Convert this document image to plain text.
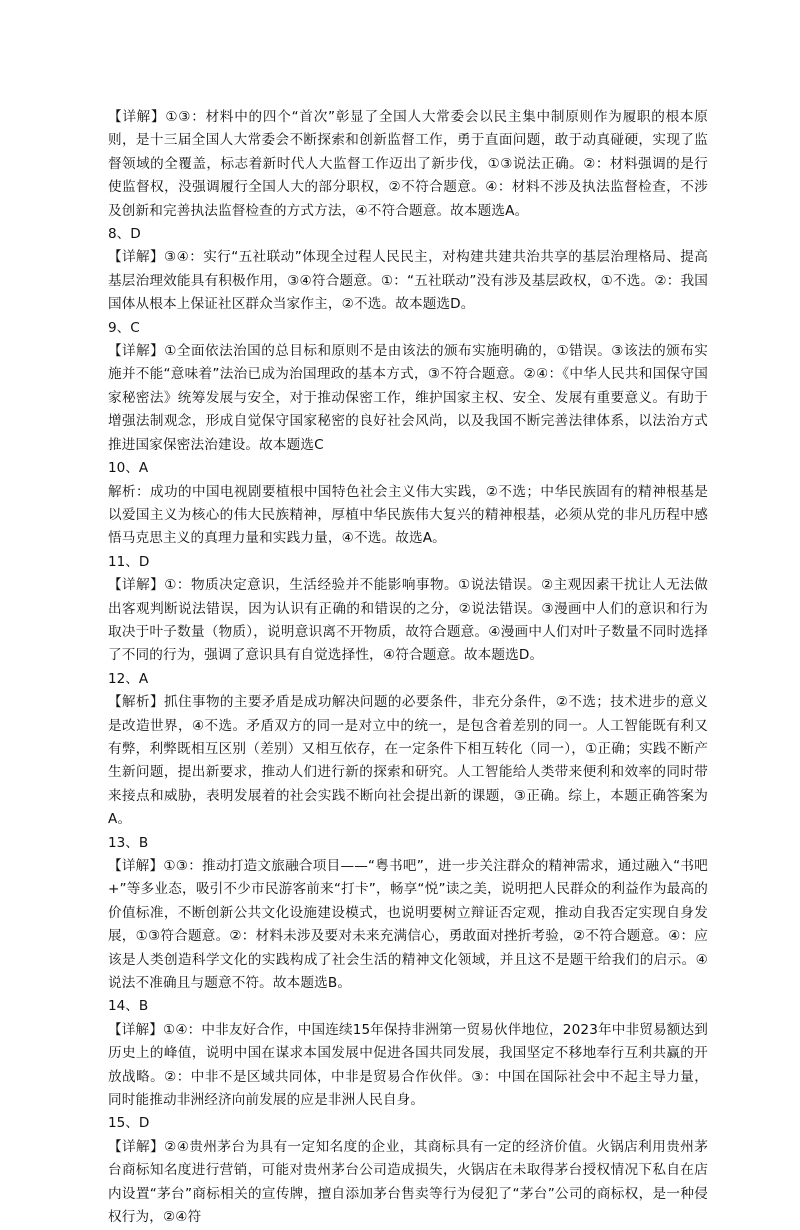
【详解】①③：材料中的四个“首次”彰显了全国人大常委会以民主集中制原则作为履职的根本原则，是十三届全国人大常委会不断探索和创新监督工作，勇于直面问题，敢于动真碰硬，实现了监督领域的全覆盖，标志着新时代人大监督工作迈出了新步伐，①③说法正确。②：材料强调的是行使监督权，没强调履行全国人大的部分职权，②不符合题意。④：材料不涉及执法监督检查，不涉及创新和完善执法监督检查的方式方法，④不符合题意。故本题选A。

8、D

【详解】③④：实行“五社联动”体现全过程人民民主，对构建共建共治共享的基层治理格局、提高基层治理效能具有积极作用，③④符合题意。①：“五社联动”没有涉及基层政权，①不选。②：我国国体从根本上保证社区群众当家作主，②不选。故本题选D。

9、C

【详解】①全面依法治国的总目标和原则不是由该法的颁布实施明确的，①错误。③该法的颁布实施并不能“意味着”法治已成为治国理政的基本方式，③不符合题意。②④：《中华人民共和国保守国家秘密法》统筹发展与安全，对于推动保密工作，维护国家主权、安全、发展有重要意义。有助于增强法制观念，形成自觉保守国家秘密的良好社会风尚，以及我国不断完善法律体系，以法治方式推进国家保密法治建设。故本题选C

10、A

解析：成功的中国电视剧要植根中国特色社会主义伟大实践，②不选；中华民族固有的精神根基是以爱国主义为核心的伟大民族精神，厚植中华民族伟大复兴的精神根基，必须从党的非凡历程中感悟马克思主义的真理力量和实践力量，④不选。故选A。

11、D

【详解】①：物质决定意识，生活经验并不能影响事物。①说法错误。②主观因素干扰让人无法做出客观判断说法错误，因为认识有正确的和错误的之分，②说法错误。③漫画中人们的意识和行为取决于叶子数量（物质），说明意识离不开物质，故符合题意。④漫画中人们对叶子数量不同时选择了不同的行为，强调了意识具有自觉选择性，④符合题意。故本题选D。

12、A

【解析】抓住事物的主要矛盾是成功解决问题的必要条件，非充分条件，②不选；技术进步的意义是改造世界，④不选。矛盾双方的同一是对立中的统一，是包含着差别的同一。人工智能既有利又有弊，利弊既相互区别（差别）又相互依存，在一定条件下相互转化（同一），①正确；实践不断产生新问题，提出新要求，推动人们进行新的探索和研究。人工智能给人类带来便利和效率的同时带来接点和威胁，表明发展着的社会实践不断向社会提出新的课题，③正确。综上，本题正确答案为A。

13、B

【详解】①③：推动打造文旅融合项目——“粤书吧”，进一步关注群众的精神需求，通过融入“书吧+”等多业态，吸引不少市民游客前来“打卡”，畅享“悦”读之美，说明把人民群众的利益作为最高的价值标准，不断创新公共文化设施建设模式，也说明要树立辩证否定观，推动自我否定实现自身发展，①③符合题意。②：材料未涉及要对未来充满信心，勇敢面对挫折考验，②不符合题意。④：应该是人类创造科学文化的实践构成了社会生活的精神文化领域，并且这不是题干给我们的启示。④说法不准确且与题意不符。故本题选B。

14、B

【详解】①④：中非友好合作，中国连续15年保持非洲第一贸易伙伴地位，2023年中非贸易额达到历史上的峰值，说明中国在谋求本国发展中促进各国共同发展，我国坚定不移地奉行互利共赢的开放战略。②：中非不是区域共同体，中非是贸易合作伙伴。③：中国在国际社会中不起主导力量，同时能推动非洲经济向前发展的应是非洲人民自身。

15、D

【详解】②④贵州茅台为具有一定知名度的企业，其商标具有一定的经济价值。火锅店利用贵州茅台商标知名度进行营销，可能对贵州茅台公司造成损失，火锅店在未取得茅台授权情况下私自在店内设置“茅台”商标相关的宣传牌，擅自添加茅台售卖等行为侵犯了“茅台”公司的商标权，是一种侵权行为，②④符
